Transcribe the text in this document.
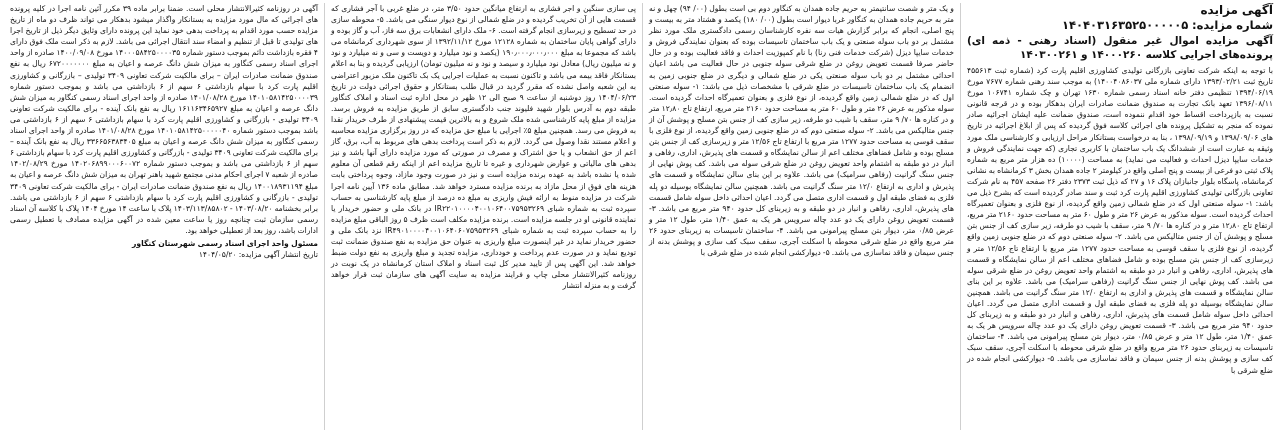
آگهی مزایده

شماره مزایده: ۱۴۰۴۰۳۱۶۳۵۲۵۰۰۰۰۰۵

آگهی مزایده اموال غیر منقول (اسناد رهنی - ذمه ای) پرونده‌های اجرایی کلاسه ۱۴۰۰۰۲۶۰ و ۱۴۰۳۰۰۲۶۱

با توجه به اینکه شرکت تعاونی بازرگانی تولیدی کشاورزی اقلیم پارت کرد (شماره ثبت ۴۵۵۶۱۳ تاریخ ثبت ۱۳۹۳/۰۲/۲۱ دارای شماره ملی ۱۴۰۰۴۰۸۶۰۳۷) به موجب سند رهنی شماره ۷۶۷۷ مورخ ۱۳۹۴/۰۶/۱۹ تنظیمی دفتر خانه اسناد رسمی شماره ۱۶۳۰ تهران و چک شماره ۱۰۶۷۴۱ مورخ ۱۳۹۶/۰۸/۱۱ تعهد بانک تجارت به صندوق ضمانت صادرات ایران بدهکار بوده و در قرجه قانونی نسبت به بازپرداخت اقساط خود اقدام ننموده است، صندوق ضمانت علیه ایشان اجرائیه صادر نموده که منجر به تشکیل پرونده های اجرائی کلاسه فوق گردیده که پس از ابلاغ اجرائیه در تاریخ های ۱۳۹۸/۰۹/۰۶ و ۱۳۹۸/۰۹/۱۹ ، بنا به درخواست بستانکار مراحل ارزیابی و کارشناسی ملک مورد وثیقه به عبارت است از ششدانگ یک باب ساختمان با کاربری تجاری (که جهت نمایندگی فروش و خدمات سایپا دیزل احداث و فعالیت می نماید) به مساحت (۱۰۰۰۰) ده هزار متر مربع به شماره پلاک ثبتی دو فرعی از بیست و پنج اصلی واقع در کیلومتر ۲ جاده همدان بخش ۳ کرمانشاه به نشانی کرمانشاه، پاسگاه بلوار جانبازان پلاک ۱۶ و ۲۷ که ذیل ثبت ۲۳۷۳ دفتر ۲۶ صفحه ۴۵۷ به نام شرکت تعاونی بازرگانی تولیدی کشاورزی اقلیم پارت کرد ثبت و سند صادر گردیده است که بشرح ذیل می باشد: ۱- سوله صنعتی اول که در ضلع شمالی زمین واقع گردیده، از نوع فلزی و بعنوان تعمیرگاه احداث گردیده است. سوله مذکور به عرض ۲۶ متر و طول ۶۰ متر به مساحت حدود ۲۱۶۰ متر مربع، ارتفاع تاج ۱۲٫۸۰ متر و در کناره ها ۷۰/ ۹ متر، سقف با شیب دو طرفه، زیر سازی کف از جنس بتن مسلح و پوشش آن از جنس متالیکس می باشد. ۲- سوله صنعتی دوم که در ضلع جنوبی زمین واقع گردیده، از نوع فلزی با سقف قوسی به مساحت حدود ۱۲۷۷ متر مربع با ارتفاع تاج ۱۲/۵۶ متر و زیرسازی کف از جنس بتن مسلح بوده و شامل فضاهای مختلف اعم از سالن نمایشگاه و قسمت های پذیرش، اداری، رفاهی و انبار در دو طبقه به اشتمام واحد تعویض روغن در ضلع شرقی سوله می باشد. کف پوش نهایی از جنس سنگ گرانیت (رفاهی سرامیک) می باشد. علاوه بر این بنای سالن نمایشگاه و قسمت های پذیرش و اداری به ارتفاع ۱۲/۰ متر سنگ گرانیت می باشد. همچنین سالن نمایشگاه بوسیله دو پله فلزی به فضای طبقه اول و قسمت اداری متصل می گردد. اعیان احداثی داخل سوله شامل قسمت های پذیرش، اداری، رفاهی و انبار در دو طبقه و به زیربنای کل حدود ۹۴۰ متر مربع می باشد. ۳- قسمت تعویض روغن دارای یک دو عدد چاله سرویس هر یک به عمق ۱/۴۰ متر، طول ۱۲ متر و عرض ۰/۸۵ متر، دیوار بتن مسلح پیرامونی می باشد. ۴- ساختمان تاسیسات به زیربنای حدود ۲۶ متر مربع واقع در ضلع شرقی محوطه با اسکلت آجری، سقف سبک کف سازی و پوشش بدنه از جنس سیمان و فاقد نماسازی می باشد. ۵- دیوارکشی انجام شده در ضلع شرقی با

و یک متر و شصت سانتیمتر به حریم جاده همدان به کنگاور دوم بی است بطول (۰۰/ ۹۴) چهل و نه متر به حریم جاده همدان به کنگاور غربا دیوار است بطول (۰۰/ ۱۸۰) یکصد و هشتاد متر به بیست و پنج اصلی، انجام که برابر گزارش هیات سه نفره کارشناسان رسمی دادگستری ملک مورد نظر مشتمل بر دو باب سوله صنعتی و یک باب ساختمان تاسیسات بوده که بعنوان نمایندگی فروش و خدمات سایپا دیزل (شرکت خدمات فنی رنا) با نام کمپوزیت احداث و فاقد فعالیت بوده و در حال حاضر صرفا قسمت تعویض روغن در ضلع شرقی سوله جنوبی در حال فعالیت می باشد اعیان احداثی مشتمل بر دو باب سوله صنعتی یکی در ضلع شمالی و دیگری در ضلع جنوبی زمین به انضمام یک باب ساختمان تاسیسات در ضلع شرقی با مشخصات ذیل می باشد: ۱- سوله صنعتی اول که در ضلع شمالی زمین واقع گردیده، از نوع فلزی و بعنوان تعمیرگاه احداث گردیده است. سوله مذکور به عرض ۲۶ متر و طول ۶۰ متر به مساحت حدود ۲۱۶۰ متر مربع، ارتفاع تاج ۱۲٫۸۰ متر و در کناره ها ۷۰/ ۹ متر، سقف با شیب دو طرفه، زیر سازی کف از جنس بتن مسلح و پوشش آن از جنس متالیکس می باشد. ۲- سوله صنعتی دوم که در ضلع جنوبی زمین واقع گردیده، از نوع فلزی با سقف قوسی به مساحت حدود ۱۲۷۷ متر مربع با ارتفاع تاج ۱۲/۵۶ متر و زیرسازی کف از جنس بتن مسلح بوده و شامل فضاهای مختلف اعم از سالن نمایشگاه و قسمت های پذیرش، اداری، رفاهی و انبار در دو طبقه به اشتمام واحد تعویض روغن در ضلع شرقی سوله می باشد. کف پوش نهایی از جنس سنگ گرانیت (رفاهی سرامیک) می باشد. علاوه بر این بنای سالن نمایشگاه و قسمت های پذیرش و اداری به ارتفاع ۱۲/۰ متر سنگ گرانیت می باشد. همچنین سالن نمایشگاه بوسیله دو پله فلزی به فضای طبقه اول و قسمت اداری متصل می گردد. اعیان احداثی داخل سوله شامل قسمت های پذیرش، اداری، رفاهی و انبار در دو طبقه و به زیربنای کل حدود ۹۴۰ متر مربع می باشد. ۳- قسمت تعویض روغن دارای یک دو عدد چاله سرویس هر یک به عمق ۱/۴۰ متر، طول ۱۲ متر و عرض ۰/۸۵ متر، دیوار بتن مسلح پیرامونی می باشد. ۴- ساختمان تاسیسات به زیربنای حدود ۲۶ متر مربع واقع در ضلع شرقی محوطه با اسکلت آجری، سقف سبک کف سازی و پوشش بدنه از جنس سیمان و فاقد نماسازی می باشد. ۵- دیوارکشی انجام شده در ضلع شرقی با

پی سازی سنگین و اجر فشاری به ارتفاع میانگین حدود ۳/۵۰ متر، در ضلع غربی با آجر فشاری که قسمت هایی از آن تخریب گردیده و در ضلع شمالی از نوع دیوار سنگی می باشد. ۵- محوطه سازی در حد تسطیح و زیرسازی انجام گرفته است. ۶- ملک دارای انشعابات برق سه فاز، آب و گاز بوده و دارای گواهی پایان ساختمان به شماره ۱۲۱۲۸ مورخ ۱۳۹۲/۱۱/۱۲ از سوی شهرداری کرمانشاه می باشد که مجموعا به مبلغ ۱۹۰٫۰۰۰٫۰۰۰٫۰۰۰ (یکصد و نود میلیارد و دویست و سی و نه میلیارد و نود و نه میلیون ریال) معادل نود میلیارد و سیصد و نود و نه میلیون تومان) ارزیابی گردیده و بنا به اعلام بستانکار فاقد بیمه می باشد و تاکنون نسبت به عملیات اجرایی یک بک تاکنون ملک مزبور اعتراضی به این شعبه واصل نشده که مقرر گردید در قبال طلب بستانکار و حقوق اجرائی دولت در تاریخ ۱۴۰۴/۰۶/۲۳ روز دوشنبه از ساعت ۹ صبح الی ۱۲ ظهر در محل اداره ثبت اسناد و املاک کنگاور طبقه دوم به آدرس بلوار شهید فلیوند جنب دادگستری سابق از طریق مزایده به فروش برسد. مزایده از مبلغ پایه کارشناسی شده ملک شروع و به بالاترین قیمت پیشنهادی از طرف خریدار نقدا به فروش می رسد. همچنین مبلغ ۵٪ اجرایی با مبلغ حق مزایده که در روز برگزاری مزایده محاسبه و اعلام مستند نقدا وصول می گردد. لازم به ذکر است پرداخت بدهی های مربوط به آب، برق، گاز اعم از حق انشعاب و یا حق اشتراک و مصرف در صورتی که مورد مزایده دارای آنها باشد و نیز بدهی های مالیاتی و عوارض شهرداری و غیره تا تاریخ مزایده اعم از اینکه رقم قطعی آن معلوم شده یا نشده باشد به عهده برنده مزایده است و نیز در صورت وجود مازاد، وجوه پرداختی بابت هزینه های فوق از محل مازاد به برنده مزایده مسترد خواهد شد. مطابق ماده ۱۳۶ آیین نامه اجرا شرکت در مزایده منوط به ارائه فیش واریزی به مبلغ ده درصد از مبلغ پایه کارشناسی به حساب سپرده ثبت به شماره شبای IR۲۲۰۱۰۰۰۰۴۰۰۱۰۶۴۰۰۷۵۹۵۳۲۶۹ در بانک ملی و حضور خریدار یا نماینده قانونی او در جلسه مزایده است. برنده مزایده مکلف است ظرف ۵ روز الباقی مبلغ مزایده را به حساب سپرده ثبت به شماره شبای IR۴۹۰۱۰۰۰۰۴۰۰۱۰۶۴۰۶۰۷۵۹۵۳۲۶۹ نزد بانک ملی و حضور خریدار نماید در غیر اینصورت مبلغ واریزی به عنوان حق مزایده به نفع صندوق ضمانت ثبت تودیع نماید و در صورت عدم پرداخت و خودداری، مزایده تجدید و مبلغ واریزی به نفع دولت ضبط خواهد شد. این آگهی پس از تایید مدیر کل ثبت اسناد و املاک استان کرمانشاه در یک نوبت در روزنامه کثیرالانتشار محلی چاپ و فرایند مزایده به سایت آگهی های سازمان ثبت قرار خواهد گرفت و به منزله انتشار

آگهی در روزنامه کثیرالانتشار محلی است. ضمنا برابر ماده ۳۹ مکرر آئین نامه اجرا در کلیه پرونده های اجرائی که مال مورد مزایده به بستانکار واگذار میشود بدهکار می تواند ظرف دو ماه از تاریخ مزایده حسب مورد اقدام به پرداخت بدهی خود نماید این پرونده دارای وثایق دیگر ذیل از تاریخ اجرا های تولیدی تا قبل از تنظیم و امضاء سند انتقال اجرائی می باشد. لازم به ذکر است ملک فوق دارای ۴ فقره بازداشت دائم بموجب دستور شماره ۱۴۰۰۰۵۸۴۲۵۰۰۰۰۳۵ مورخ ۱۴۰۰/۰۹/۰۸ صادره از واحد اجرای اسناد رسمی کنگاور به میزان شش دانگ عرصه و اعیان به مبلغ ۶۷۲۰۰۰۰۰۰۰ ریال به نفع صندوق ضمانت صادرات ایران – برای مالکیت شرکت تعاونی ۳۴۰۹ تولیدی – بازرگانی و کشاورزی اقلیم پارت کرد با سهام بازداشتی ۶ سهم از ۶ بازداشتی می باشد و بموجب دستور شماره ۱۴۰۱۰۵۸۱۴۲۵۰۰۰۰۳۹ مورخ ۱۴۰۱/۰۸/۲۸ صادره از واحد اجرای اسناد رسمی کنگاور به میزان شش دانگ عرصه و اعیان به مبلغ ۱۶۱۱۶۳۴۶۵۹۲۷ ریال به نفع بانک آینده - برای مالکیت شرکت تعاونی ۳۴۰۹ تولیدی - بازرگانی و کشاورزی اقلیم پارت کرد با سهام بازداشتی ۶ سهم از ۶ بازداشتی می باشد بموجب دستور شماره ۱۴۰۱۰۵۸۱۴۲۵۰۰۰۰۰۴۰ مورخ ۱۴۰۱/۰۸/۲۸ صادره از واحد اجرای اسناد رسمی کنگاور به میزان شش دانگ عرصه و اعیان به مبلغ ۳۳۶۶۵۶۳۸۳۴۰۵ ریال به نفع بانک آینده – برای مالکیت شرکت تعاونی ۳۴۰۹ تولیدی - بازرگانی و کشاورزی اقلیم پارت کرد با سهام بازداشتی ۶ سهم از ۶ بازداشتی می باشد و بموجب دستور شماره ۱۴۰۲۰۶۸۹۹۰۰۰۶۰۰۷۲ مورخ ۱۴۰۲/۰۸/۲۹ صادره از شعبه ۷ اجرای احکام مدنی مجتمع شهید باهنر تهران به میزان شش دانگ عرصه و اعیان به مبلغ ۱۴۰۰۱۸۹۳۱۱۹۴ ریال به نفع صندوق ضمانت صادرات ایران - برای مالکیت شرکت تعاونی ۳۴۰۹ تولیدی - بازرگانی و کشاورزی اقلیم پارت کرد با سهام بازداشتی ۶ سهم از ۶ بازداشتی می باشد. برابر بخشنامه ۱۴۰۳/۰۸/۲۰ - ۱۴۰۳/۱۱۳/۸۵۸۰۲ پلاک با ساعت ۱۴ مورخ ۱۴۰۴ پلاک با کلاسه آن اسناد رسمی سازمان ثبت چنانچه روز یا ساعت معین شده در آگهی مزایده مصادف با تعطیل رسمی ادارات باشد، روز بعد از تعطیلی خواهد بود.

مسئول واحد اجرای اسناد رسمی شهرستان کنگاور

تاریخ انتشار آگهی مزایده: ۱۴۰۴/۰۵/۲۰
